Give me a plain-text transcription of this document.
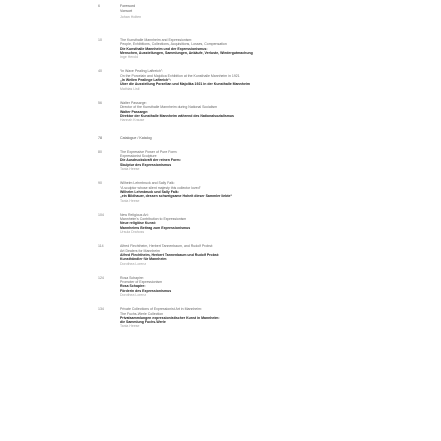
6	Foreword
Vorwort
Johan Holten
10	The Kunsthalle Mannheim and Expressionism:
People, Exhibitions, Collections, Acquisitions, Losses, Compensation
Die Kunsthalle Mannheim und der Expressionismus:
Menschen, Ausstellungen, Sammlungen, Ankäufe, Verluste, Wiedergutmachung
Inge Herold
40	“In Wave Pealing Laftreich”:
On the Porcelain and Majolica Exhibition at the Kunsthalle Mannheim in 1921
„In Wellen Pealinge Laftreich“:
Über die Ausstellung Porzellan und Majolika 1921 in der Kunsthalle Mannheim
Mathias Listl
56	Walter Passarge:
Director of the Kunsthalle Mannheim during National Socialism
Walter Passarge:
Direktor der Kunsthalle Mannheim während des Nationalsozialismus
Hannah Krause
78	Catalogue / Katalog
80	The Expressive Power of Pure Form:
Expressionist Sculpture
Die Ausdruckskraft der reinen Form:
Skulptur des Expressionismus
Tania Heese
90	Wilhelm Lehmbruck and Sally Falk:
“A sculptor whose silent majesty this collector loved”
Wilhelm Lehmbruck und Sally Falk:
„ein Bildhauer, dessen schweigsame Hoheit dieser Sammler liebte“
Tania Heese
104	New Religious Art:
Mannheim's Contribution to Expressionism
Neue religiöse Kunst:
Mannheims Beitrag zum Expressionismus
Ursula Drahoss
114	Alfred Flechtheim, Herbert Tannenbaum, and Rudolf Probst:
Art Dealers for Mannheim
Alfred Flechtheim, Herbert Tannenbaum und Rudolf Probst:
Kunsthändler für Mannheim
Dorothea Lorenz
124	Rosa Schapire:
Promoter of Expressionism
Rosa Schapire:
Förderin des Expressionismus
Dorothea Lorenz
134	Private Collections of Expressionist Art in Mannheim:
The Fuchs-Werle Collection
Privatsammlungen expressionistischer Kunst in Mannheim:
die Sammlung Fuchs-Werle
Tania Heese
